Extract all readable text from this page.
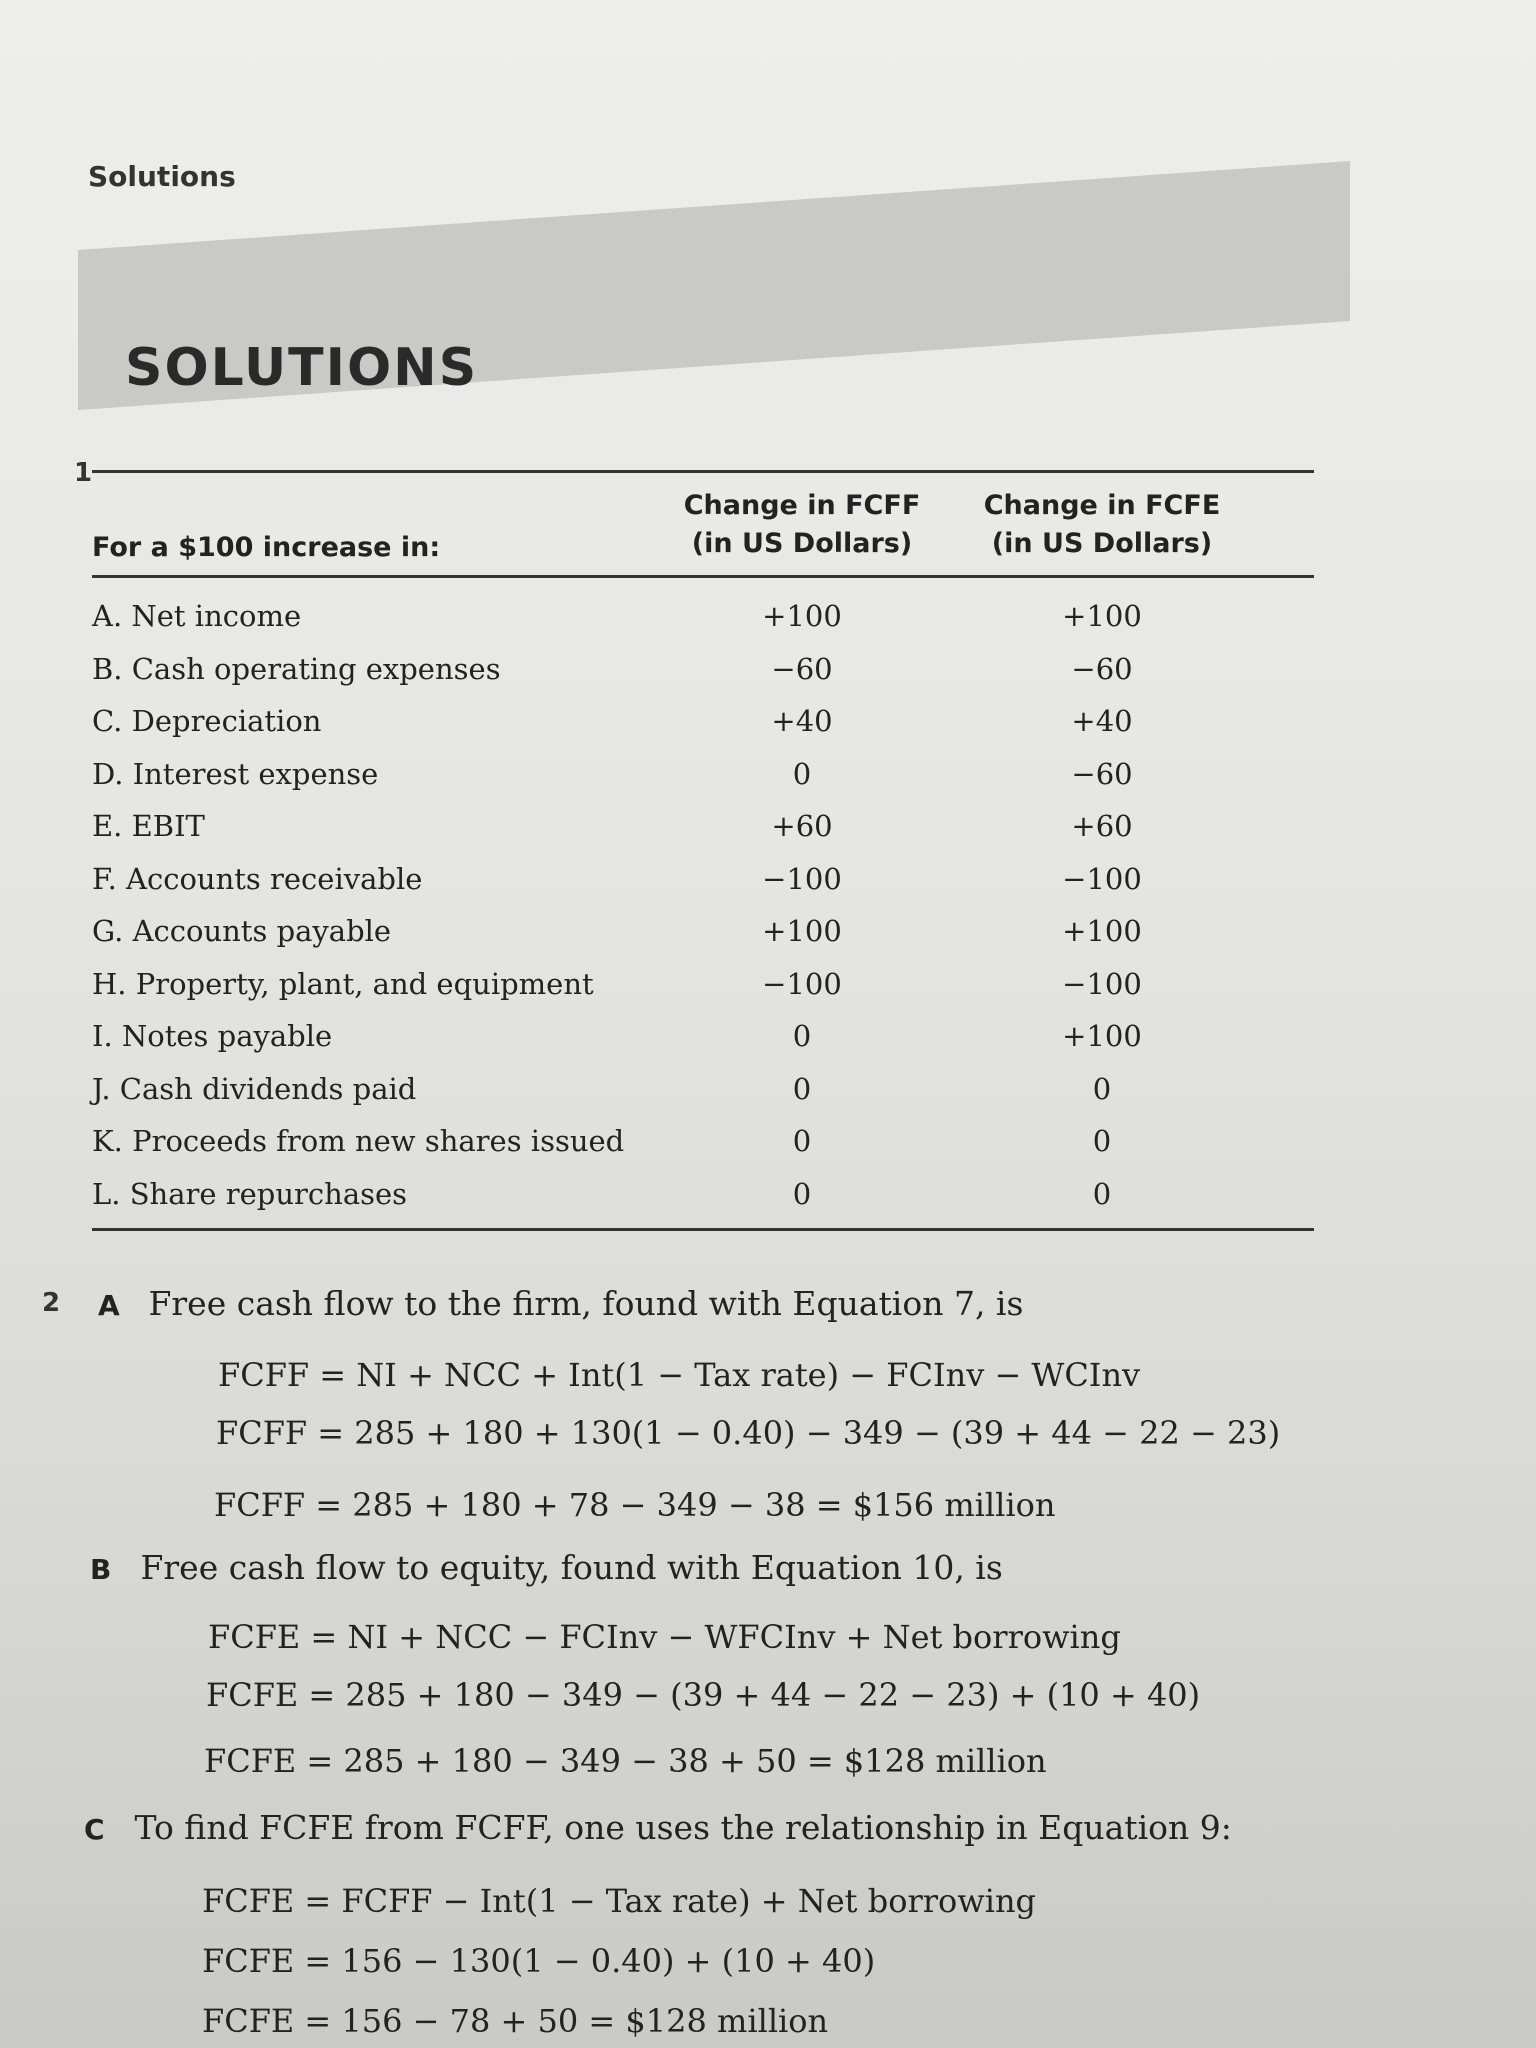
Solutions
SOLUTIONS
1
For a $100 increase in:
Change in FCFF
(in US Dollars)
Change in FCFE
(in US Dollars)
A. Net income	+100	+100
B. Cash operating expenses	−60	−60
C. Depreciation	+40	+40
D. Interest expense	0	−60
E. EBIT	+60	+60
F. Accounts receivable	−100	−100
G. Accounts payable	+100	+100
H. Property, plant, and equipment	−100	−100
I. Notes payable	0	+100
J. Cash dividends paid	0	0
K. Proceeds from new shares issued	0	0
L. Share repurchases	0	0
2 A Free cash flow to the firm, found with Equation 7, is
FCFF = NI + NCC + Int(1 − Tax rate) − FCInv − WCInv
FCFF = 285 + 180 + 130(1 − 0.40) − 349 − (39 + 44 − 22 − 23)
FCFF = 285 + 180 + 78 − 349 − 38 = $156 million
B Free cash flow to equity, found with Equation 10, is
FCFE = NI + NCC − FCInv − WFCInv + Net borrowing
FCFE = 285 + 180 − 349 − (39 + 44 − 22 − 23) + (10 + 40)
FCFE = 285 + 180 − 349 − 38 + 50 = $128 million
C To find FCFE from FCFF, one uses the relationship in Equation 9:
FCFE = FCFF − Int(1 − Tax rate) + Net borrowing
FCFE = 156 − 130(1 − 0.40) + (10 + 40)
FCFE = 156 − 78 + 50 = $128 million
